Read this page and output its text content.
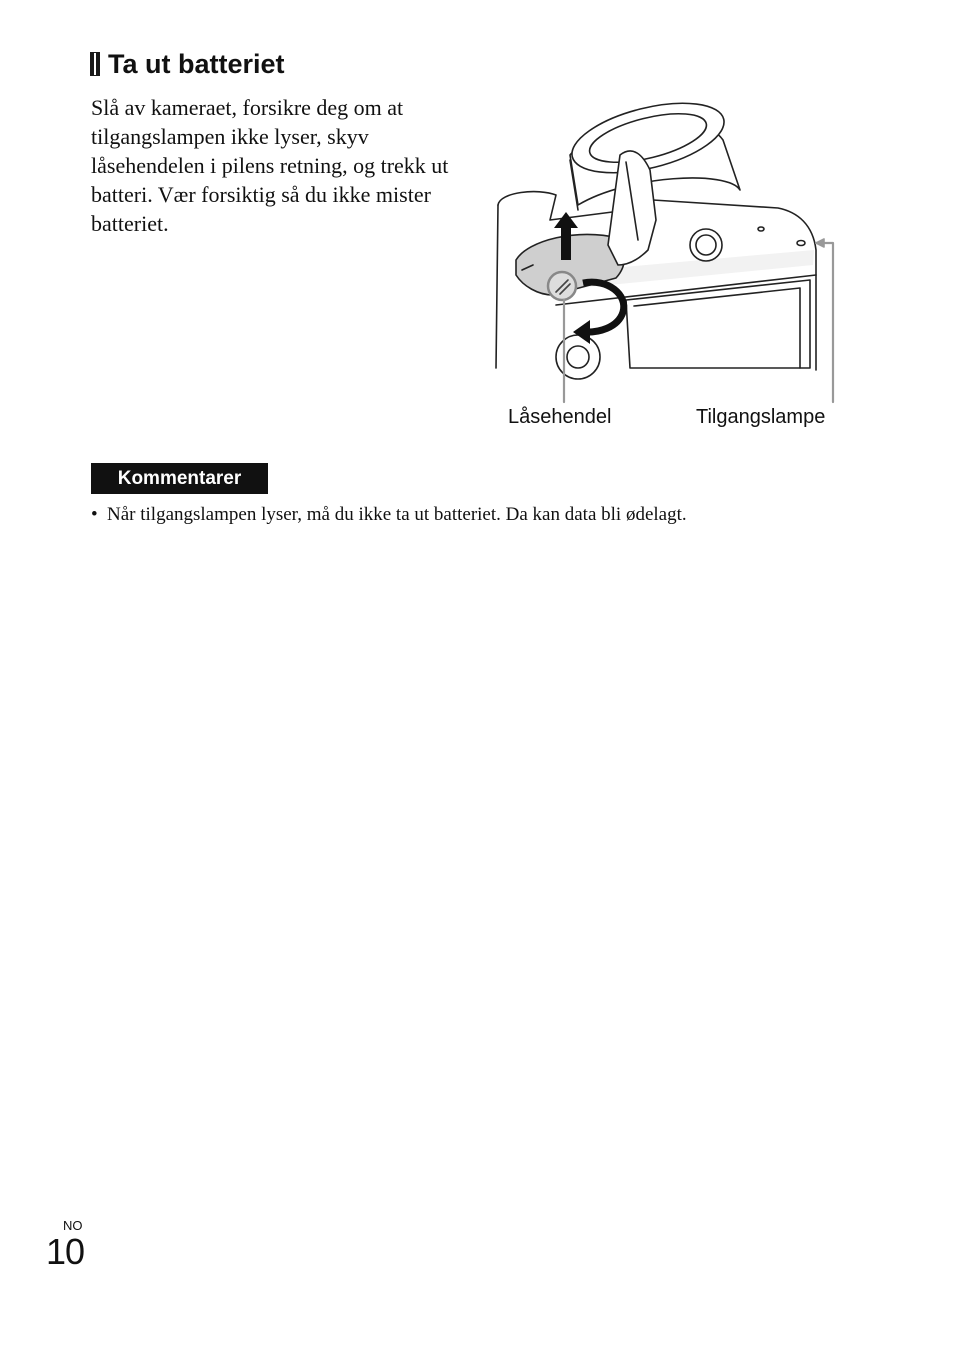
Ta ut batteriet

Slå av kameraet, forsikre deg om at tilgangslampen ikke lyser, skyv låsehendelen i pilens retning, og trekk ut batteri. Vær forsiktig så du ikke mister batteriet.

Låsehendel	Tilgangslampe
Kommentarer
• Når tilgangslampen lyser, må du ikke ta ut batteriet. Da kan data bli ødelagt.
NO
10
